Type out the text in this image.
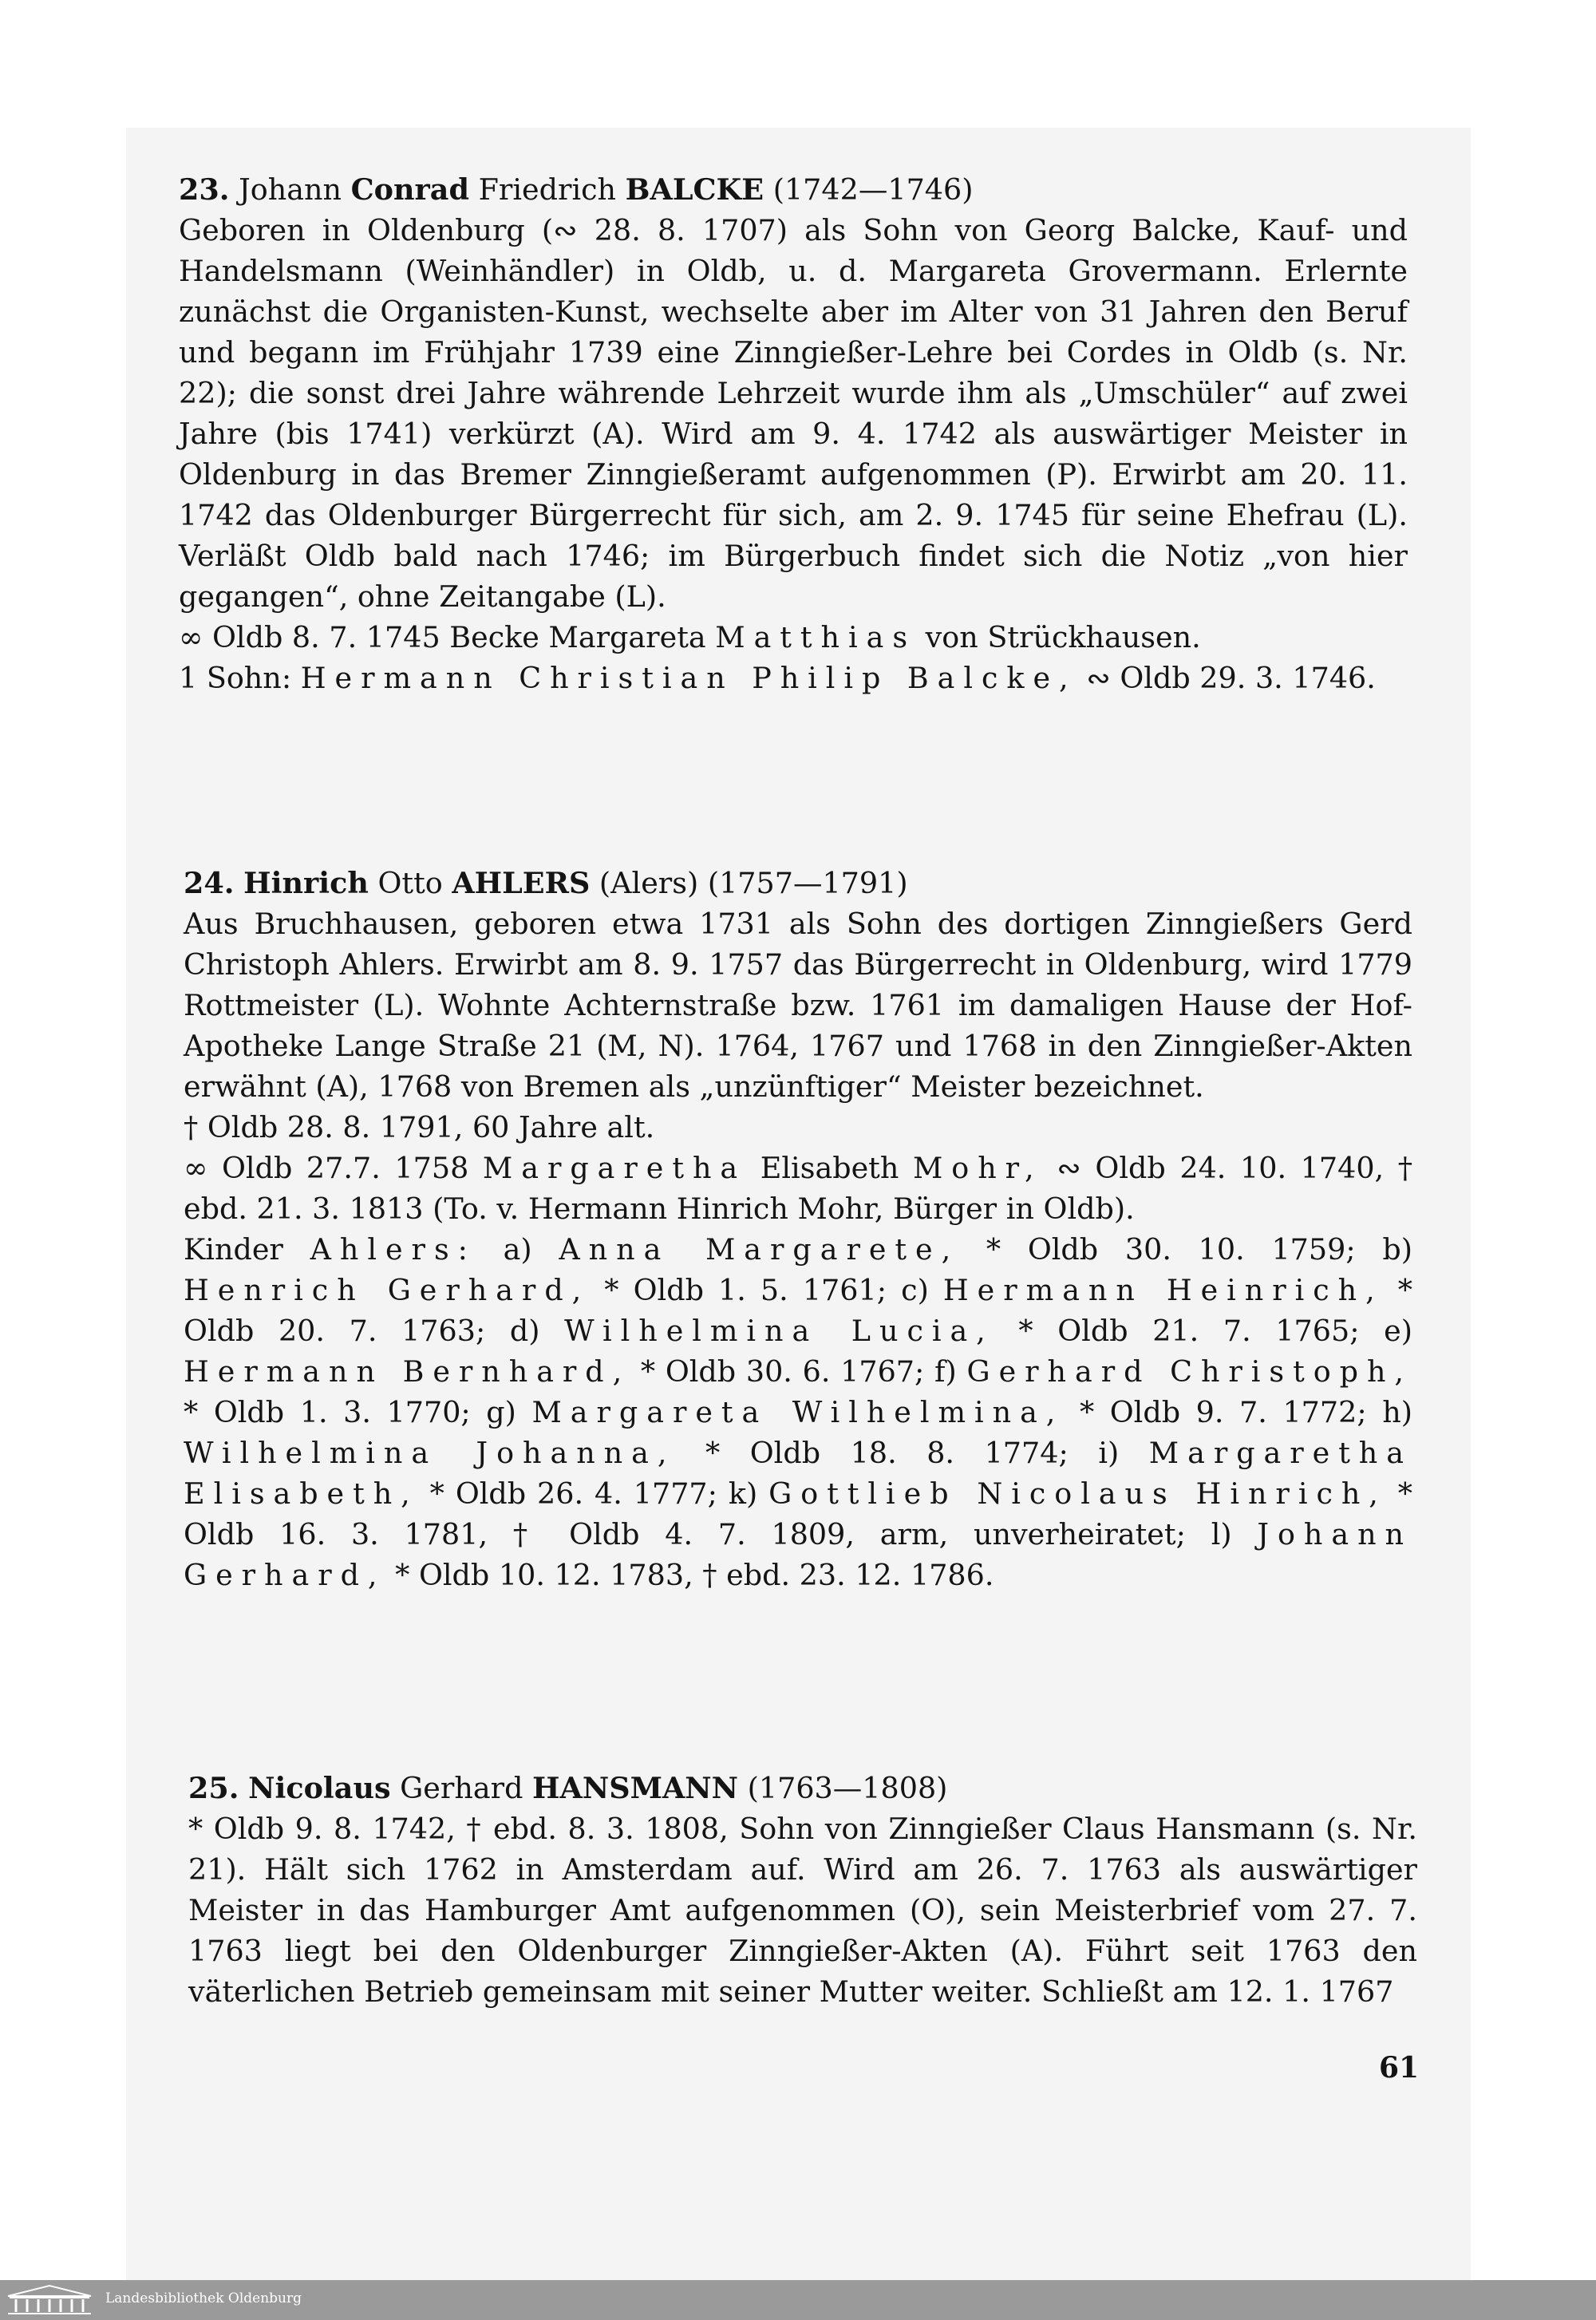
23. Johann Conrad Friedrich BALCKE (1742—1746)

Geboren in Oldenburg (∾ 28. 8. 1707) als Sohn von Georg Balcke, Kauf- und Handelsmann (Weinhändler) in Oldb, u. d. Margareta Grovermann. Erlernte zunächst die Organisten-Kunst, wechselte aber im Alter von 31 Jahren den Beruf und begann im Frühjahr 1739 eine Zinngießer-Lehre bei Cordes in Oldb (s. Nr. 22); die sonst drei Jahre währende Lehrzeit wurde ihm als „Umschüler“ auf zwei Jahre (bis 1741) verkürzt (A). Wird am 9. 4. 1742 als auswärtiger Meister in Oldenburg in das Bremer Zinngießeramt aufgenommen (P). Erwirbt am 20. 11. 1742 das Oldenburger Bürgerrecht für sich, am 2. 9. 1745 für seine Ehefrau (L). Verläßt Oldb bald nach 1746; im Bürgerbuch findet sich die Notiz „von hier gegangen“, ohne Zeitangabe (L).

∞ Oldb 8. 7. 1745 Becke Margareta Matthias von Strückhausen.

1 Sohn: Hermann Christian Philip Balcke, ∾ Oldb 29. 3. 1746.

24. Hinrich Otto AHLERS (Alers) (1757—1791)

Aus Bruchhausen, geboren etwa 1731 als Sohn des dortigen Zinngießers Gerd Christoph Ahlers. Erwirbt am 8. 9. 1757 das Bürgerrecht in Oldenburg, wird 1779 Rottmeister (L). Wohnte Achternstraße bzw. 1761 im damaligen Hause der Hof-Apotheke Lange Straße 21 (M, N). 1764, 1767 und 1768 in den Zinngießer-Akten erwähnt (A), 1768 von Bremen als „unzünftiger“ Meister bezeichnet.

† Oldb 28. 8. 1791, 60 Jahre alt.

∞ Oldb 27.7. 1758 Margaretha Elisabeth Mohr, ∾ Oldb 24. 10. 1740, † ebd. 21. 3. 1813 (To. v. Hermann Hinrich Mohr, Bürger in Oldb).

Kinder Ahlers: a) Anna Margarete, * Oldb 30. 10. 1759; b) Henrich Gerhard, * Oldb 1. 5. 1761; c) Hermann Heinrich, * Oldb 20. 7. 1763; d) Wilhelmina Lucia, * Oldb 21. 7. 1765; e) Hermann Bernhard, * Oldb 30. 6. 1767; f) Gerhard Christoph, * Oldb 1. 3. 1770; g) Margareta Wilhelmina, * Oldb 9. 7. 1772; h) Wilhelmina Johanna, * Oldb 18. 8. 1774; i) Margaretha Elisabeth, * Oldb 26. 4. 1777; k) Gottlieb Nicolaus Hinrich, * Oldb 16. 3. 1781, † Oldb 4. 7. 1809, arm, unverheiratet; l) Johann Gerhard, * Oldb 10. 12. 1783, † ebd. 23. 12. 1786.

25. Nicolaus Gerhard HANSMANN (1763—1808)

* Oldb 9. 8. 1742, † ebd. 8. 3. 1808, Sohn von Zinngießer Claus Hansmann (s. Nr. 21). Hält sich 1762 in Amsterdam auf. Wird am 26. 7. 1763 als auswärtiger Meister in das Hamburger Amt aufgenommen (O), sein Meisterbrief vom 27. 7. 1763 liegt bei den Oldenburger Zinngießer-Akten (A). Führt seit 1763 den väterlichen Betrieb gemeinsam mit seiner Mutter weiter. Schließt am 12. 1. 1767

61
Landesbibliothek Oldenburg
